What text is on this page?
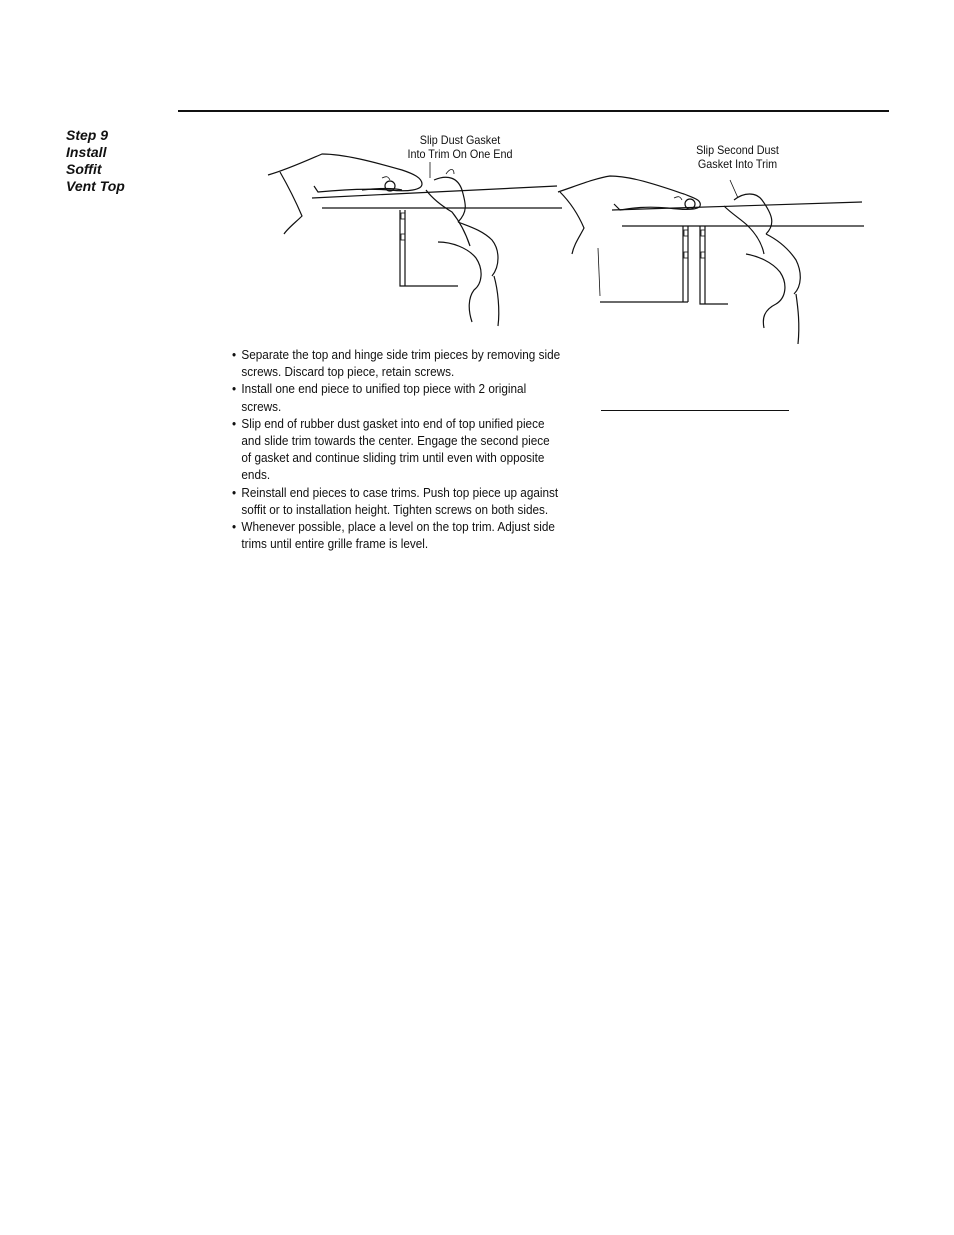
Step 9
Install
Soffit
Vent Top
Slip Dust Gasket
Into Trim On One End	Slip Second Dust
Gasket Into Trim
• Separate the top and hinge side trim pieces by removing side screws. Discard top piece, retain screws.
• Install one end piece to unified top piece with 2 original screws.
• Slip end of rubber dust gasket into end of top unified piece and slide trim towards the center. Engage the second piece of gasket and continue sliding trim until even with opposite ends.
• Reinstall end pieces to case trims. Push top piece up against soffit or to installation height. Tighten screws on both sides.
• Whenever possible, place a level on the top trim. Adjust side trims until entire grille frame is level.
